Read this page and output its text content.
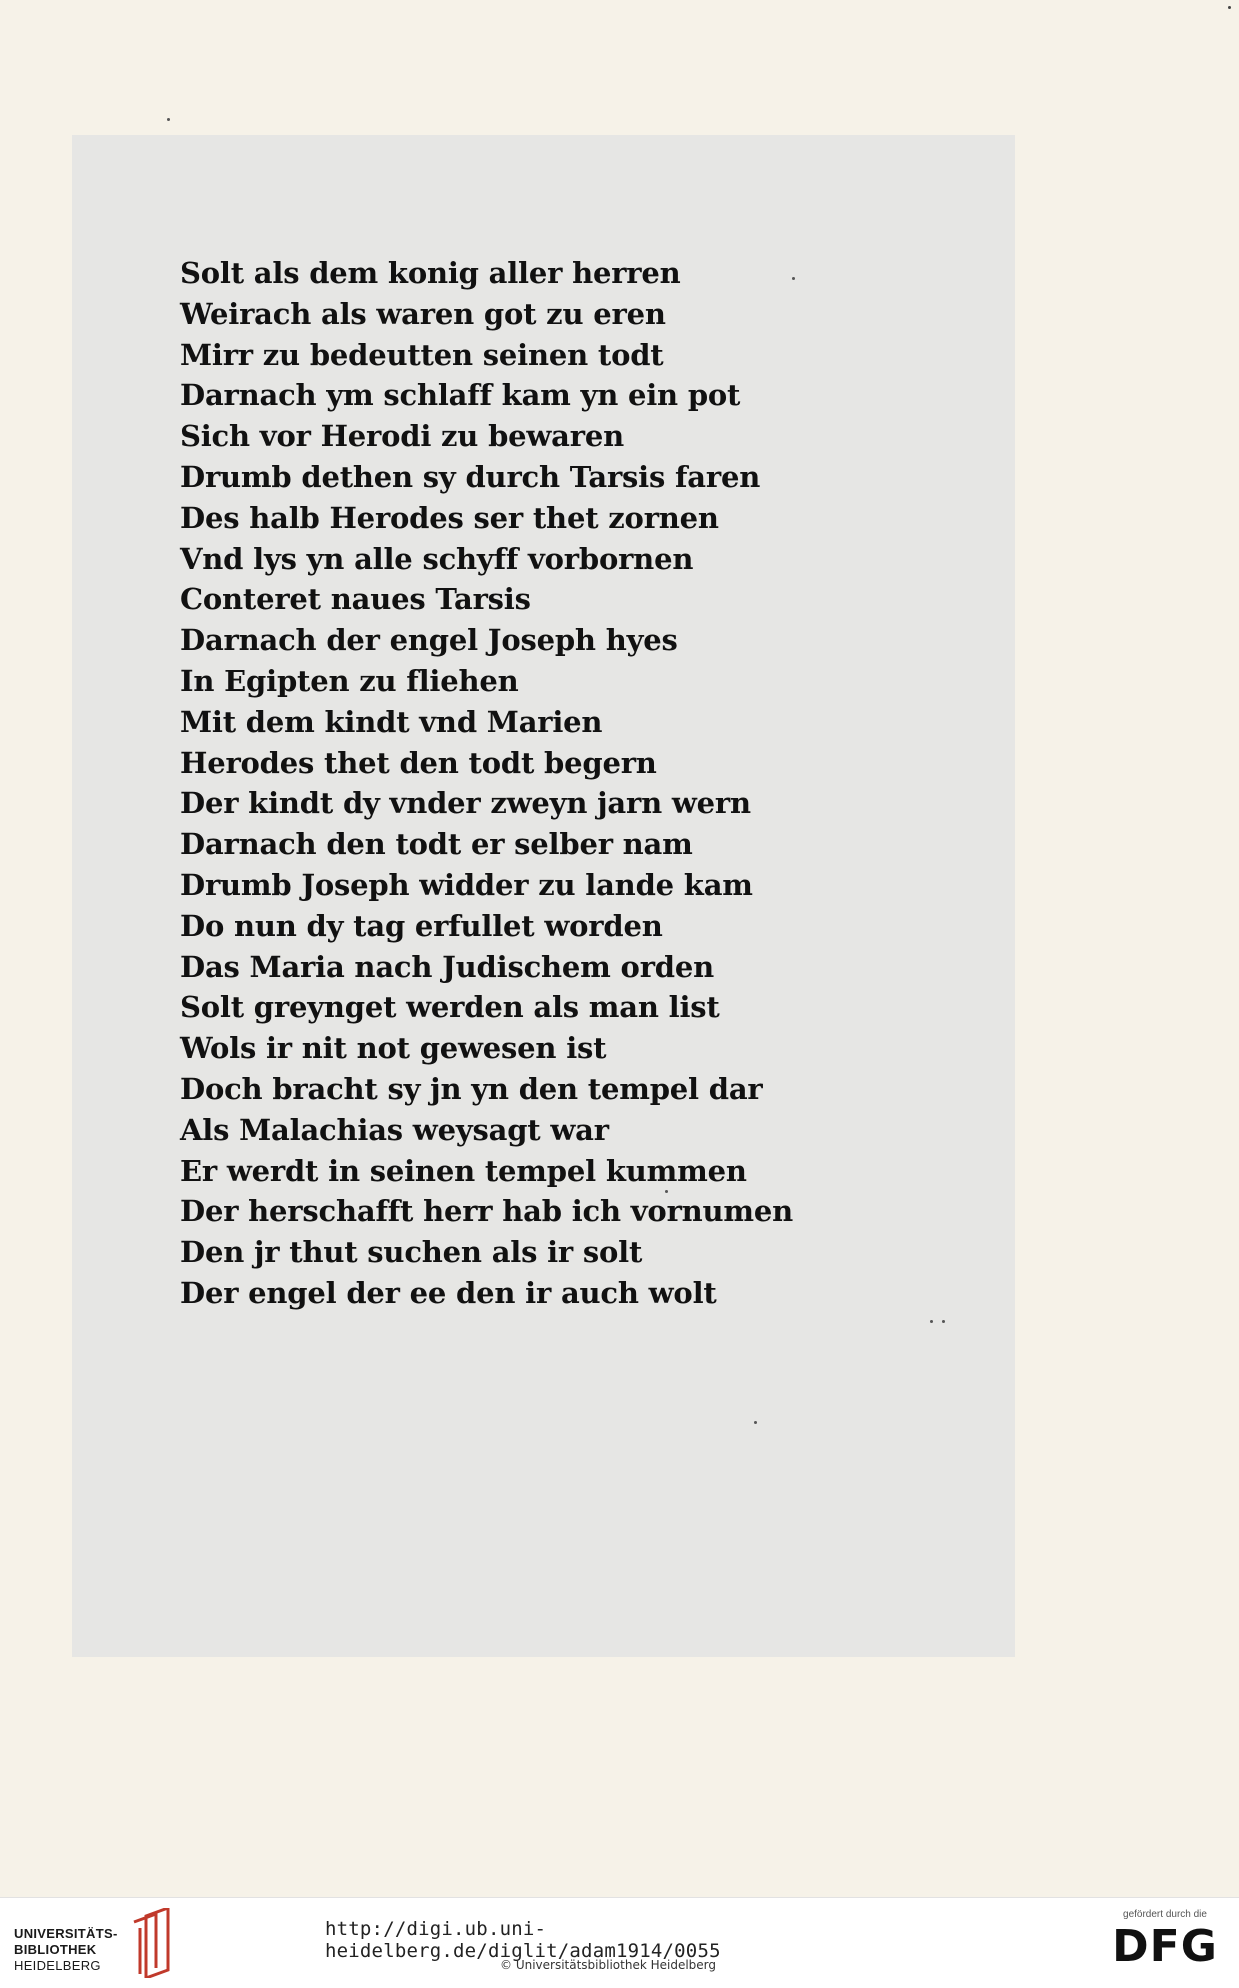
Solt als dem konig aller herren
Weirach als waren got zu eren
Mirr zu bedeutten seinen todt
Darnach ym schlaff kam yn ein pot
Sich vor Herodi zu bewaren
Drumb dethen sy durch Tarsis faren
Des halb Herodes ser thet zornen
Vnd lys yn alle schyff vorbornen
Conteret naues Tarsis
Darnach der engel Joseph hyes
In Egipten zu fliehen
Mit dem kindt vnd Marien
Herodes thet den todt begern
Der kindt dy vnder zweyn jarn wern
Darnach den todt er selber nam
Drumb Joseph widder zu lande kam
Do nun dy tag erfullet worden
Das Maria nach Judischem orden
Solt greynget werden als man list
Wols ir nit not gewesen ist
Doch bracht sy jn yn den tempel dar
Als Malachias weysagt war
Er werdt in seinen tempel kummen
Der herschafft herr hab ich vornumen
Den jr thut suchen als ir solt
Der engel der ee den ir auch wolt
UNIVERSITÄTS-
BIBLIOTHEK
HEIDELBERG
http://digi.ub.uni-heidelberg.de/diglit/adam1914/0055
© Universitätsbibliothek Heidelberg
gefördert durch die
DFG
